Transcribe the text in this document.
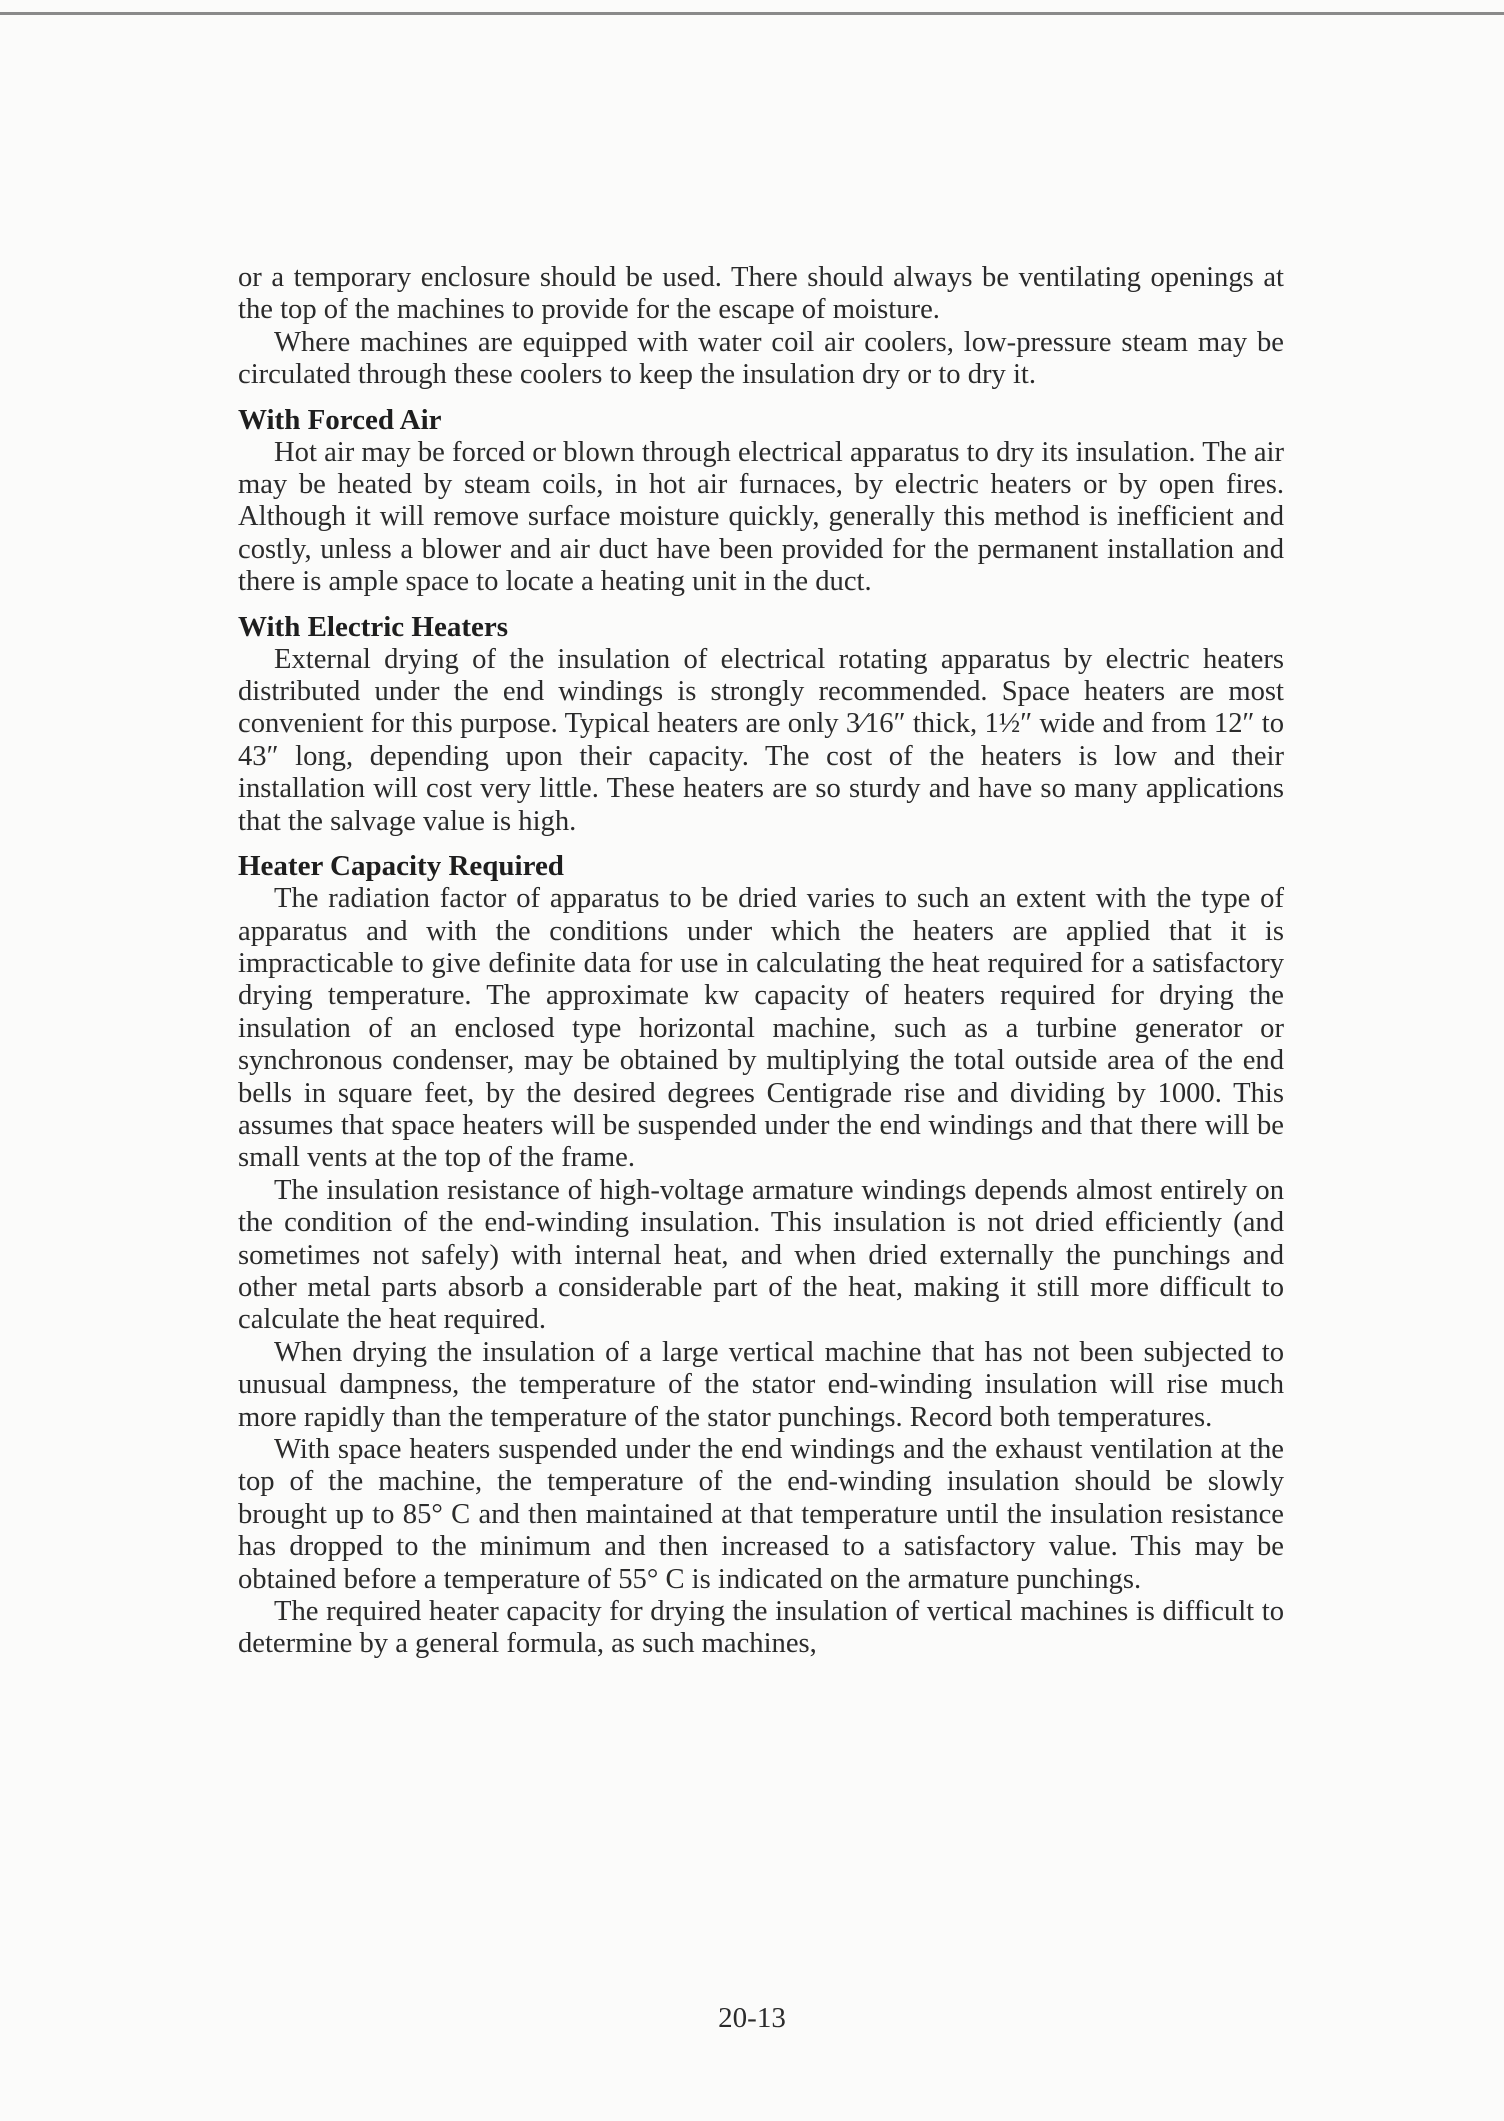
or a temporary enclosure should be used. There should always be ventilating openings at the top of the machines to provide for the escape of moisture.

Where machines are equipped with water coil air coolers, low-pressure steam may be circulated through these coolers to keep the insulation dry or to dry it.

With Forced Air

Hot air may be forced or blown through electrical apparatus to dry its insulation. The air may be heated by steam coils, in hot air furnaces, by electric heaters or by open fires. Although it will remove surface moisture quickly, generally this method is inefficient and costly, unless a blower and air duct have been provided for the permanent installation and there is ample space to locate a heating unit in the duct.

With Electric Heaters

External drying of the insulation of electrical rotating apparatus by electric heaters distributed under the end windings is strongly recommended. Space heaters are most convenient for this purpose. Typical heaters are only 3⁄16″ thick, 1½″ wide and from 12″ to 43″ long, depending upon their capacity. The cost of the heaters is low and their installation will cost very little. These heaters are so sturdy and have so many applications that the salvage value is high.

Heater Capacity Required

The radiation factor of apparatus to be dried varies to such an extent with the type of apparatus and with the conditions under which the heaters are applied that it is impracticable to give definite data for use in calculating the heat required for a satisfactory drying temperature. The approximate kw capacity of heaters required for drying the insulation of an enclosed type horizontal machine, such as a turbine generator or synchronous condenser, may be obtained by multiplying the total outside area of the end bells in square feet, by the desired degrees Centigrade rise and dividing by 1000. This assumes that space heaters will be suspended under the end windings and that there will be small vents at the top of the frame.

The insulation resistance of high-voltage armature windings depends almost entirely on the condition of the end-winding insulation. This insulation is not dried efficiently (and sometimes not safely) with internal heat, and when dried externally the punchings and other metal parts absorb a considerable part of the heat, making it still more difficult to calculate the heat required.

When drying the insulation of a large vertical machine that has not been subjected to unusual dampness, the temperature of the stator end-winding insulation will rise much more rapidly than the temperature of the stator punchings. Record both temperatures.

With space heaters suspended under the end windings and the exhaust ventilation at the top of the machine, the temperature of the end-winding insulation should be slowly brought up to 85° C and then maintained at that temperature until the insulation resistance has dropped to the minimum and then increased to a satisfactory value. This may be obtained before a temperature of 55° C is indicated on the armature punchings.

The required heater capacity for drying the insulation of vertical machines is difficult to determine by a general formula, as such machines,

20-13
